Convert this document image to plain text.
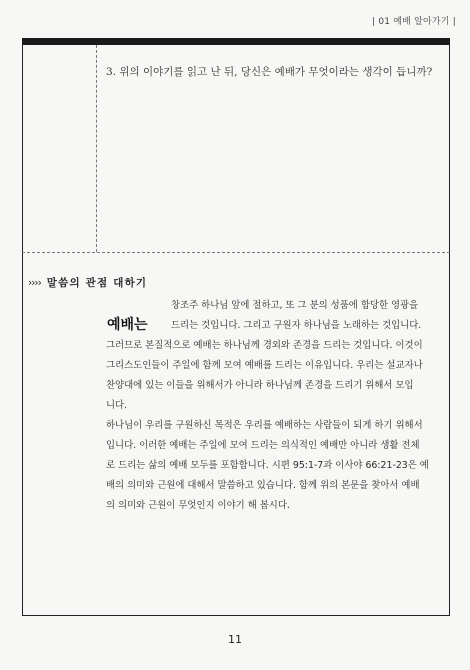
| 01 예배 알아가기 |
3. 위의 이야기를 읽고 난 뒤, 당신은 예배가 무엇이라는 생각이 듭니까?
›››› 말씀의 관점 대하기
예배는
창조주 하나님 앞에 절하고, 또 그 분의 성품에 합당한 영광을
드리는 것입니다. 그리고 구원자 하나님을 노래하는 것입니다.
그러므로 본질적으로 예배는 하나님께 경외와 존경을 드리는 것입니다. 이것이
그리스도인들이 주일에 함께 모여 예배를 드리는 이유입니다. 우리는 설교자나
찬양대에 있는 이들을 위해서가 아니라 하나님께 존경을 드리기 위해서 모입
니다.
하나님이 우리를 구원하신 목적은 우리를 예배하는 사람들이 되게 하기 위해서
입니다. 이러한 예배는 주일에 모여 드리는 의식적인 예배만 아니라 생활 전체
로 드리는 삶의 예배 모두를 포함합니다. 시편 95:1-7과 이사야 66:21-23은 예
배의 의미와 근원에 대해서 말씀하고 있습니다. 함께 위의 본문을 찾아서 예배
의 의미와 근원이 무엇인지 이야기 해 봅시다.
11
